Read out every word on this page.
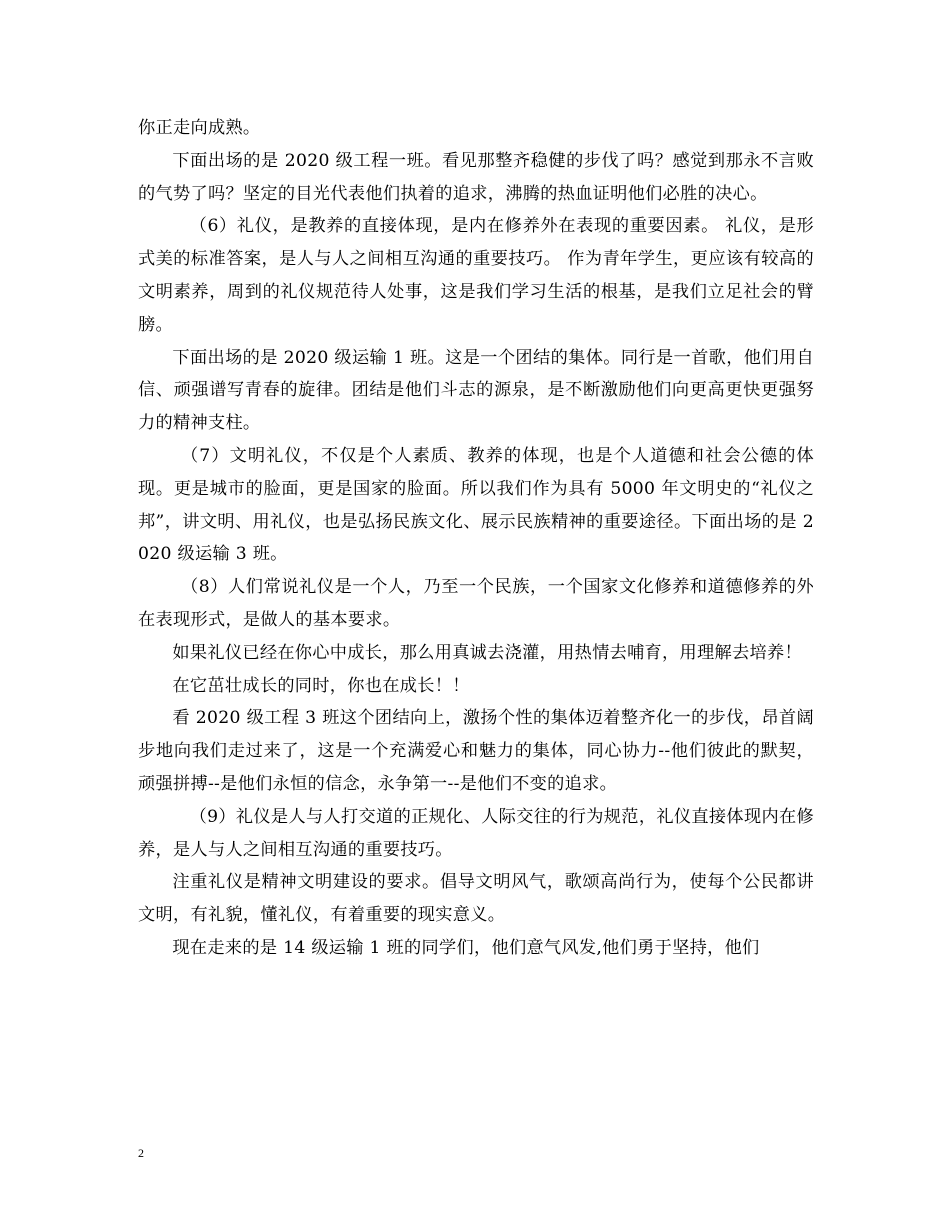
你正走向成熟。

下面出场的是 2020 级工程一班。看见那整齐稳健的步伐了吗？感觉到那永不言败的气势了吗？坚定的目光代表他们执着的追求，沸腾的热血证明他们必胜的决心。

（6）礼仪，是教养的直接体现，是内在修养外在表现的重要因素。 礼仪，是形式美的标准答案，是人与人之间相互沟通的重要技巧。 作为青年学生，更应该有较高的文明素养，周到的礼仪规范待人处事，这是我们学习生活的根基，是我们立足社会的臂膀。

下面出场的是 2020 级运输 1 班。这是一个团结的集体。同行是一首歌，他们用自信、顽强谱写青春的旋律。团结是他们斗志的源泉，是不断激励他们向更高更快更强努力的精神支柱。

（7）文明礼仪，不仅是个人素质、教养的体现，也是个人道德和社会公德的体现。更是城市的脸面，更是国家的脸面。所以我们作为具有 5000 年文明史的“礼仪之邦”，讲文明、用礼仪，也是弘扬民族文化、展示民族精神的重要途径。下面出场的是 2020 级运输 3 班。

（8）人们常说礼仪是一个人，乃至一个民族，一个国家文化修养和道德修养的外在表现形式，是做人的基本要求。

如果礼仪已经在你心中成长，那么用真诚去浇灌，用热情去哺育，用理解去培养！

在它茁壮成长的同时，你也在成长！！

看 2020 级工程 3 班这个团结向上，激扬个性的集体迈着整齐化一的步伐，昂首阔步地向我们走过来了，这是一个充满爱心和魅力的集体，同心协力--他们彼此的默契，顽强拼搏--是他们永恒的信念，永争第一--是他们不变的追求。

（9）礼仪是人与人打交道的正规化、人际交往的行为规范，礼仪直接体现内在修养，是人与人之间相互沟通的重要技巧。

注重礼仪是精神文明建设的要求。倡导文明风气，歌颂高尚行为，使每个公民都讲文明，有礼貌，懂礼仪，有着重要的现实意义。

现在走来的是 14 级运输 1 班的同学们，他们意气风发,他们勇于坚持，他们

2
